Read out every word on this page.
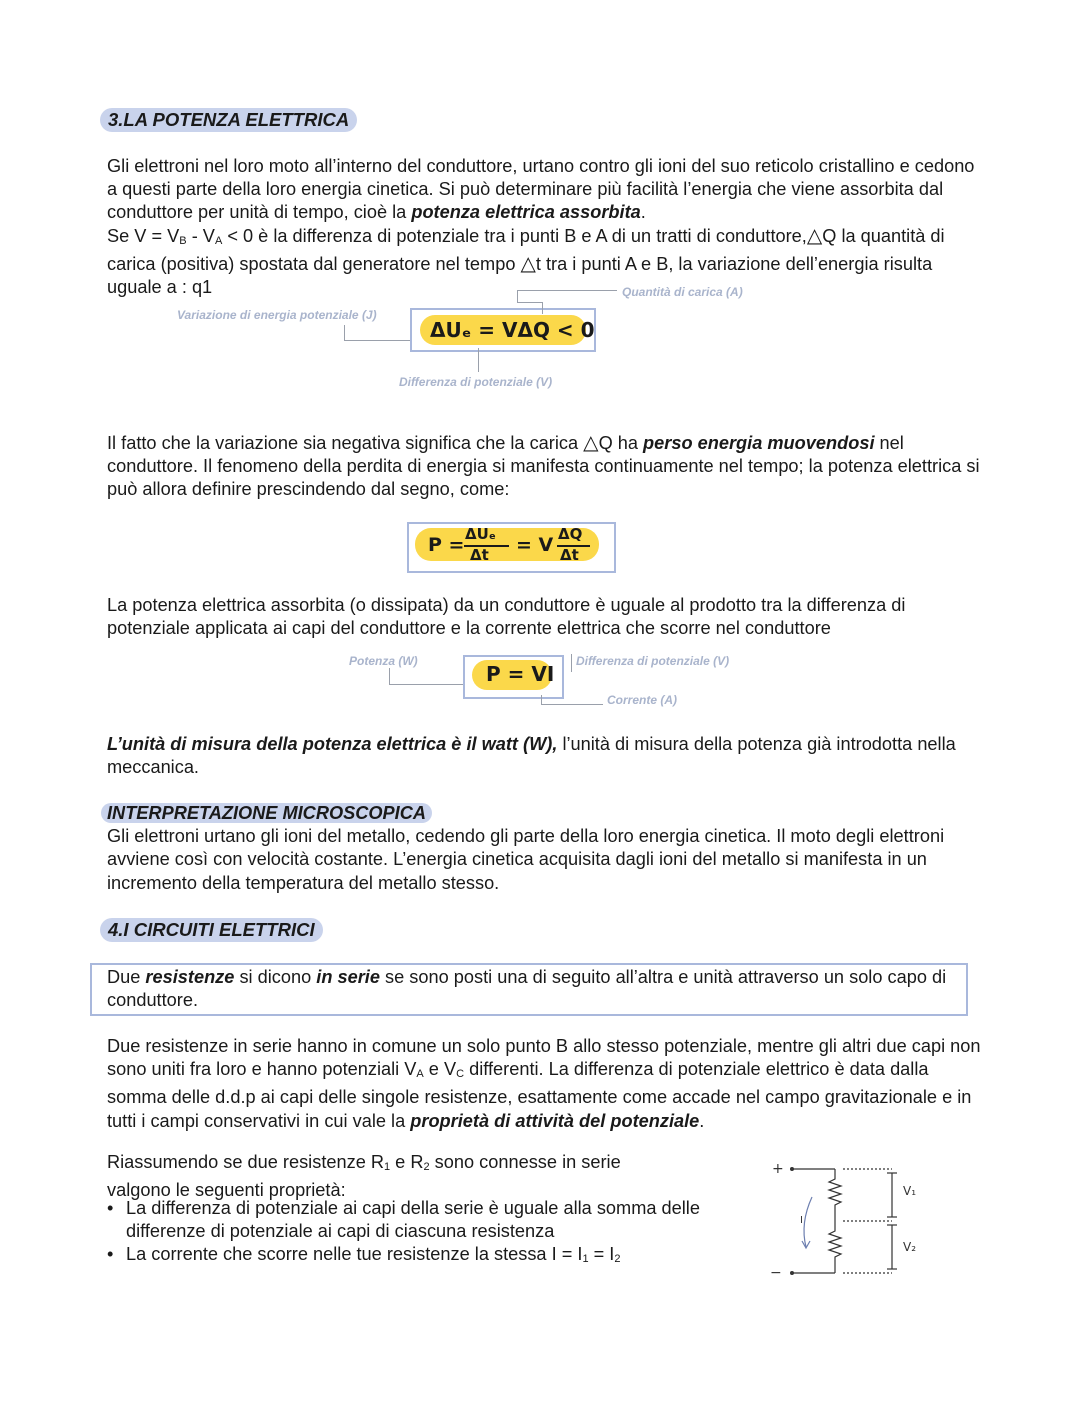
3.LA POTENZA ELETTRICA
Gli elettroni nel loro moto all’interno del conduttore, urtano contro gli ioni del suo reticolo cristallino e cedono a questi parte della loro energia cinetica. Si può determinare più facilità l’energia che viene assorbita dal conduttore per unità di tempo, cioè la potenza elettrica assorbita.
Se $V = V_B - V_A < 0$ è la differenza di potenziale tra i punti B e A di un tratti di conduttore,△Q la quantità di carica (positiva) spostata dal generatore nel tempo △t tra i punti A e B, la variazione dell’energia risulta uguale a : q1
ΔUₑ = VΔQ < 0
Variazione di energia potenziale (J)
Quantità di carica (A)
Differenza di potenziale (V)
Il fatto che la variazione sia negativa significa che la carica △Q ha perso energia muovendosi nel conduttore. Il fenomeno della perdita di energia si manifesta continuamente nel tempo; la potenza elettrica si può allora definire prescindendo dal segno, come:
P = ΔUₑ
Δt = V ΔQ
Δt
La potenza elettrica assorbita (o dissipata) da un conduttore è uguale al prodotto tra la differenza di potenziale applicata ai capi del conduttore e la corrente elettrica che scorre nel conduttore
P = VI
Potenza (W)	Differenza di potenziale (V)
Corrente (A)
L’unità di misura della potenza elettrica è il watt (W), l’unità di misura della potenza già introdotta nella meccanica.
INTERPRETAZIONE MICROSCOPICA
Gli elettroni urtano gli ioni del metallo, cedendo gli parte della loro energia cinetica. Il moto degli elettroni avviene così con velocità costante. L’energia cinetica acquisita dagli ioni del metallo si manifesta in un incremento della temperatura del metallo stesso.
4.I CIRCUITI ELETTRICI
Due resistenze si dicono in serie se sono posti una di seguito all’altra e unità attraverso un solo capo di conduttore.
Due resistenze in serie hanno in comune un solo punto B allo stesso potenziale, mentre gli altri due capi non sono uniti fra loro e hanno potenziali $V_A$ e $V_C$ differenti. La differenza di potenziale elettrico è data dalla somma delle d.d.p ai capi delle singole resistenze, esattamente come accade nel campo gravitazionale e in tutti i campi conservativi in cui vale la proprietà di attività del potenziale.
Riassumendo se due resistenze $R_1$ e $R_2$ sono connesse in serie valgono le seguenti proprietà:
• La differenza di potenziale ai capi della serie è uguale alla somma delle differenze di potenziale ai capi di ciascuna resistenza
• La corrente che scorre nelle tue resistenze la stessa $I = I_1 = I_2$
+
−
I
V₁
V₂
